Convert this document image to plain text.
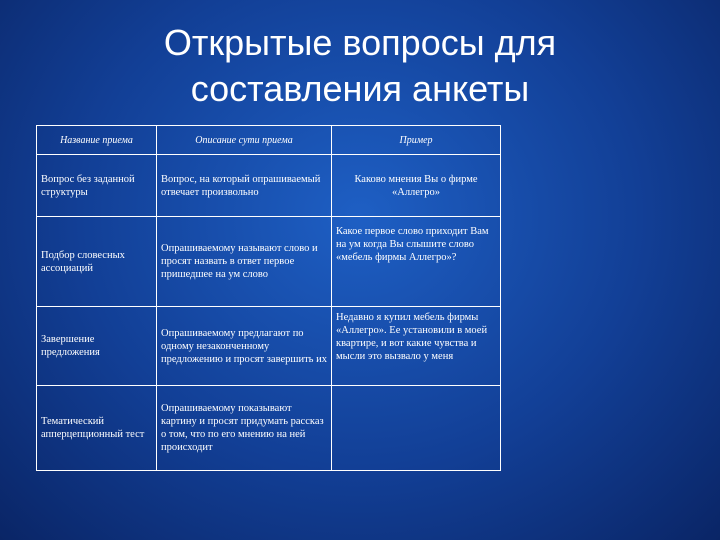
Открытые вопросы для
составления анкеты
Название приема	Описание сути приема	Пример
Вопрос без заданной структуры	Вопрос, на который опрашиваемый отвечает произвольно	Каково мнения Вы о фирме «Аллегро»
Подбор словесных ассоциаций	Опрашиваемому называют слово и просят назвать в ответ первое пришедшее на ум слово	Какое первое слово приходит Вам на ум когда Вы слышите слово «мебель фирмы Аллегро»?
Завершение предложения	Опрашиваемому предлагают по одному незаконченному предложению и просят завершить их	Недавно я купил мебель фирмы «Аллегро». Ее установили в моей квартире, и вот какие чувства и мысли это вызвало у меня
Тематический апперцепционный тест	Опрашиваемому показывают картину и просят придумать рассказ о том, что по его мнению на ней происходит	
